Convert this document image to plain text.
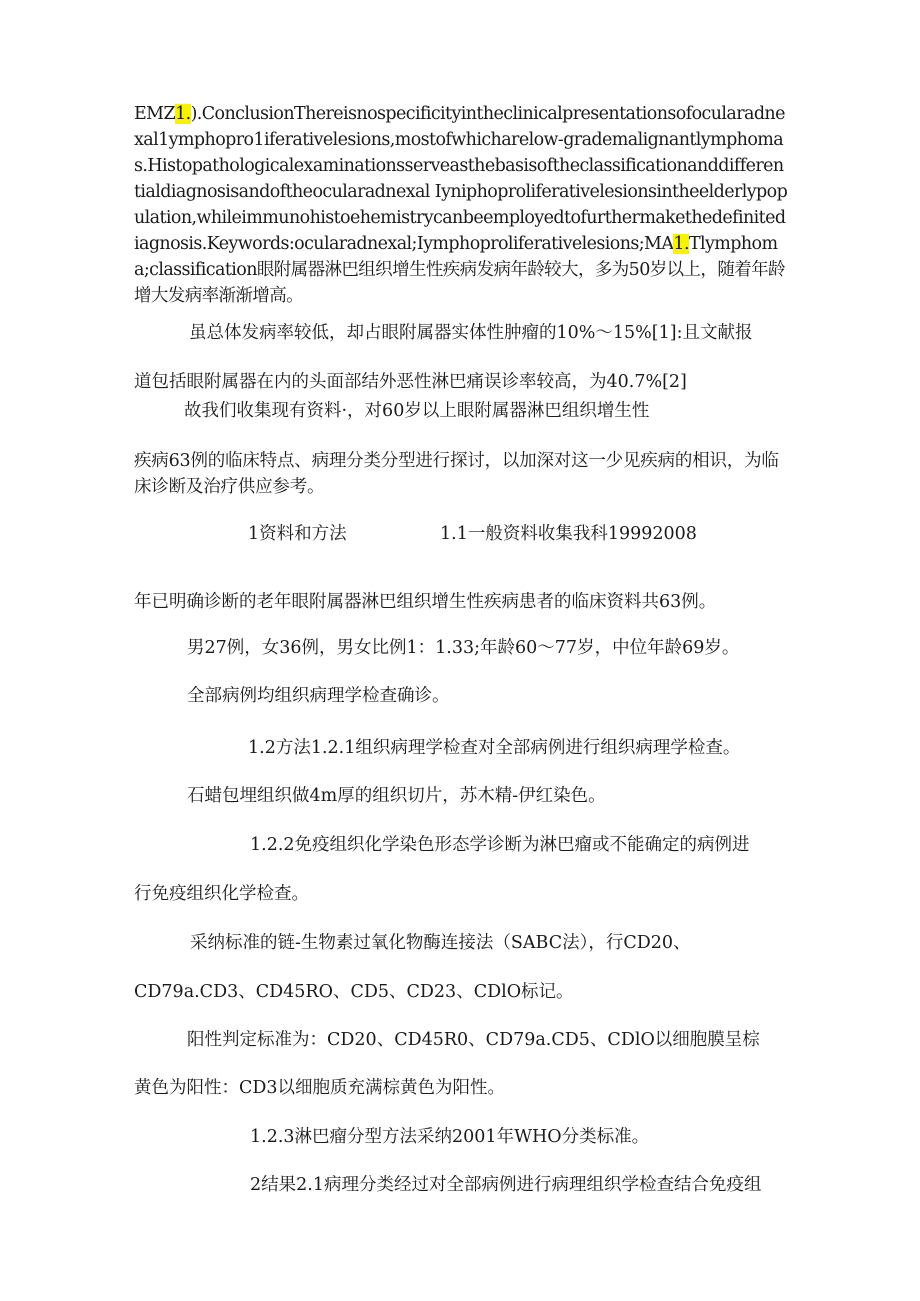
EMZ1.).ConclusionThereisnospecificityintheclinicalpresentationsofocularadnexal1ymphopro1iferativelesions,mostofwhicharelow-grademalignantlymphomas.Histopathologicalexaminationsserveasthebasisoftheclassificationanddifferentialdiagnosisandoftheocularadnexal Iyniphoproliferativelesionsintheelderlypopulation,whileimmunohistoehemistrycanbeemployedtofurthermakethedefinitediagnosis.Keywords:ocularadnexal;Iymphoproliferativelesions;MA1.Tlymphoma;classification眼附属器淋巴组织增生性疾病发病年龄较大，多为50岁以上，随着年龄增大发病率渐渐增高。

虽总体发病率较低，却占眼附属器实体性肿瘤的10%～15%[1]:且文献报

道包括眼附属器在内的头面部结外恶性淋巴痛误诊率较高，为40.7%[2]

故我们收集现有资料·，对60岁以上眼附属器淋巴组织增生性

疾病63例的临床特点、病理分类分型进行探讨，以加深对这一少见疾病的相识，为临床诊断及治疗供应参考。

1资料和方法	1.1一般资料收集我科19992008

年已明确诊断的老年眼附属器淋巴组织增生性疾病患者的临床资料共63例。

男27例，女36例，男女比例1：1.33;年龄60～77岁，中位年龄69岁。

全部病例均组织病理学检查确诊。

1.2方法1.2.1组织病理学检查对全部病例进行组织病理学检查。

石蜡包埋组织做4m厚的组织切片，苏木精-伊红染色。

1.2.2免疫组织化学染色形态学诊断为淋巴瘤或不能确定的病例进

行免疫组织化学检查。

采纳标准的链-生物素过氧化物酶连接法（SABC法），行CD20、

CD79a.CD3、CD45RO、CD5、CD23、CDlO标记。

阳性判定标准为：CD20、CD45R0、CD79a.CD5、CDlO以细胞膜呈棕

黄色为阳性：CD3以细胞质充满棕黄色为阳性。

1.2.3淋巴瘤分型方法采纳2001年WHO分类标准。

2结果2.1病理分类经过对全部病例进行病理组织学检查结合免疫组
